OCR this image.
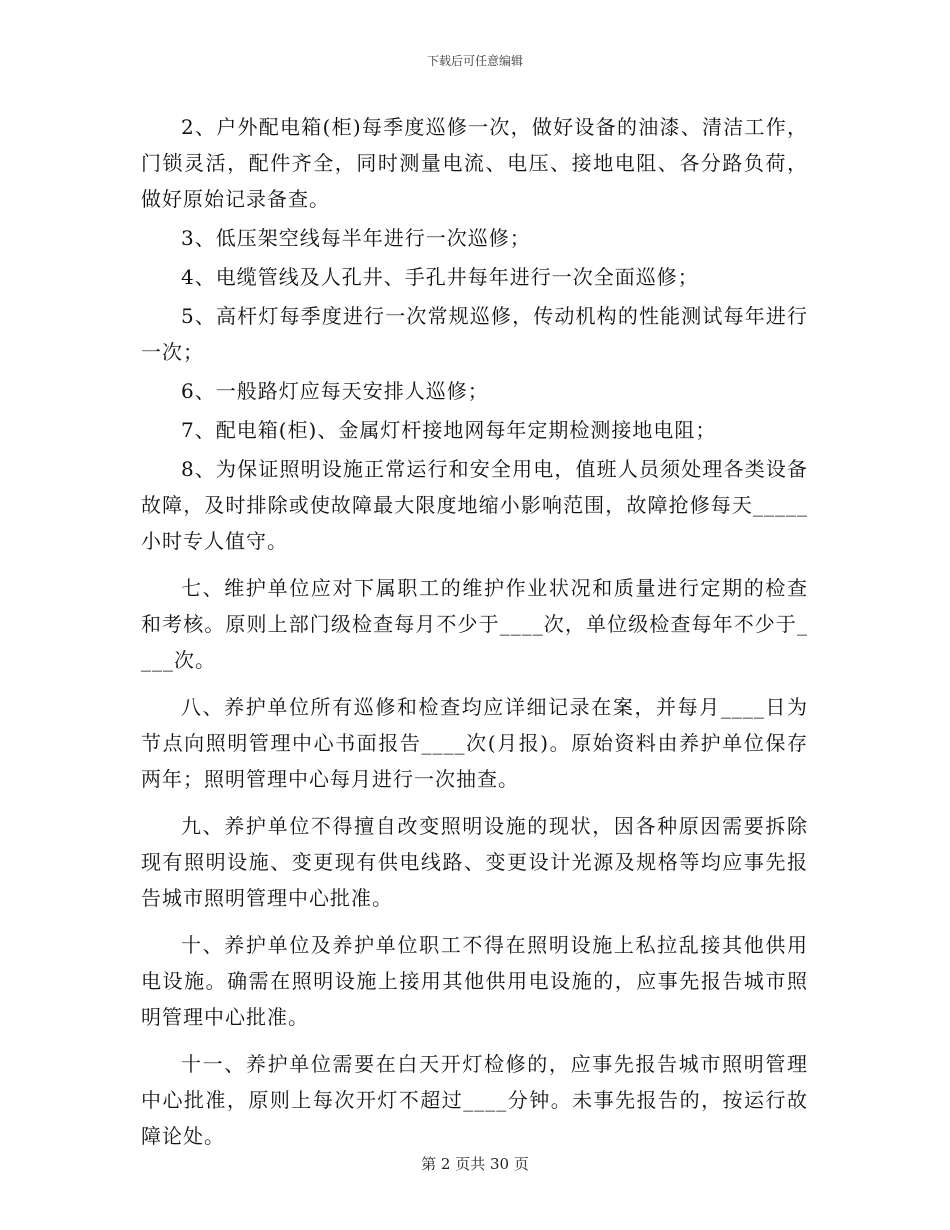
下载后可任意编辑

2、户外配电箱(柜)每季度巡修一次，做好设备的油漆、清洁工作，门锁灵活，配件齐全，同时测量电流、电压、接地电阻、各分路负荷，做好原始记录备查。

3、低压架空线每半年进行一次巡修；

4、电缆管线及人孔井、手孔井每年进行一次全面巡修；

5、高杆灯每季度进行一次常规巡修，传动机构的性能测试每年进行一次；

6、一般路灯应每天安排人巡修；

7、配电箱(柜)、金属灯杆接地网每年定期检测接地电阻；

8、为保证照明设施正常运行和安全用电，值班人员须处理各类设备故障，及时排除或使故障最大限度地缩小影响范围，故障抢修每天_____小时专人值守。

七、维护单位应对下属职工的维护作业状况和质量进行定期的检查和考核。原则上部门级检查每月不少于____次，单位级检查每年不少于____次。

八、养护单位所有巡修和检查均应详细记录在案，并每月____日为节点向照明管理中心书面报告____次(月报)。原始资料由养护单位保存两年；照明管理中心每月进行一次抽查。

九、养护单位不得擅自改变照明设施的现状，因各种原因需要拆除现有照明设施、变更现有供电线路、变更设计光源及规格等均应事先报告城市照明管理中心批准。

十、养护单位及养护单位职工不得在照明设施上私拉乱接其他供用电设施。确需在照明设施上接用其他供用电设施的，应事先报告城市照明管理中心批准。

十一、养护单位需要在白天开灯检修的，应事先报告城市照明管理中心批准，原则上每次开灯不超过____分钟。未事先报告的，按运行故障论处。

第 2 页共 30 页
